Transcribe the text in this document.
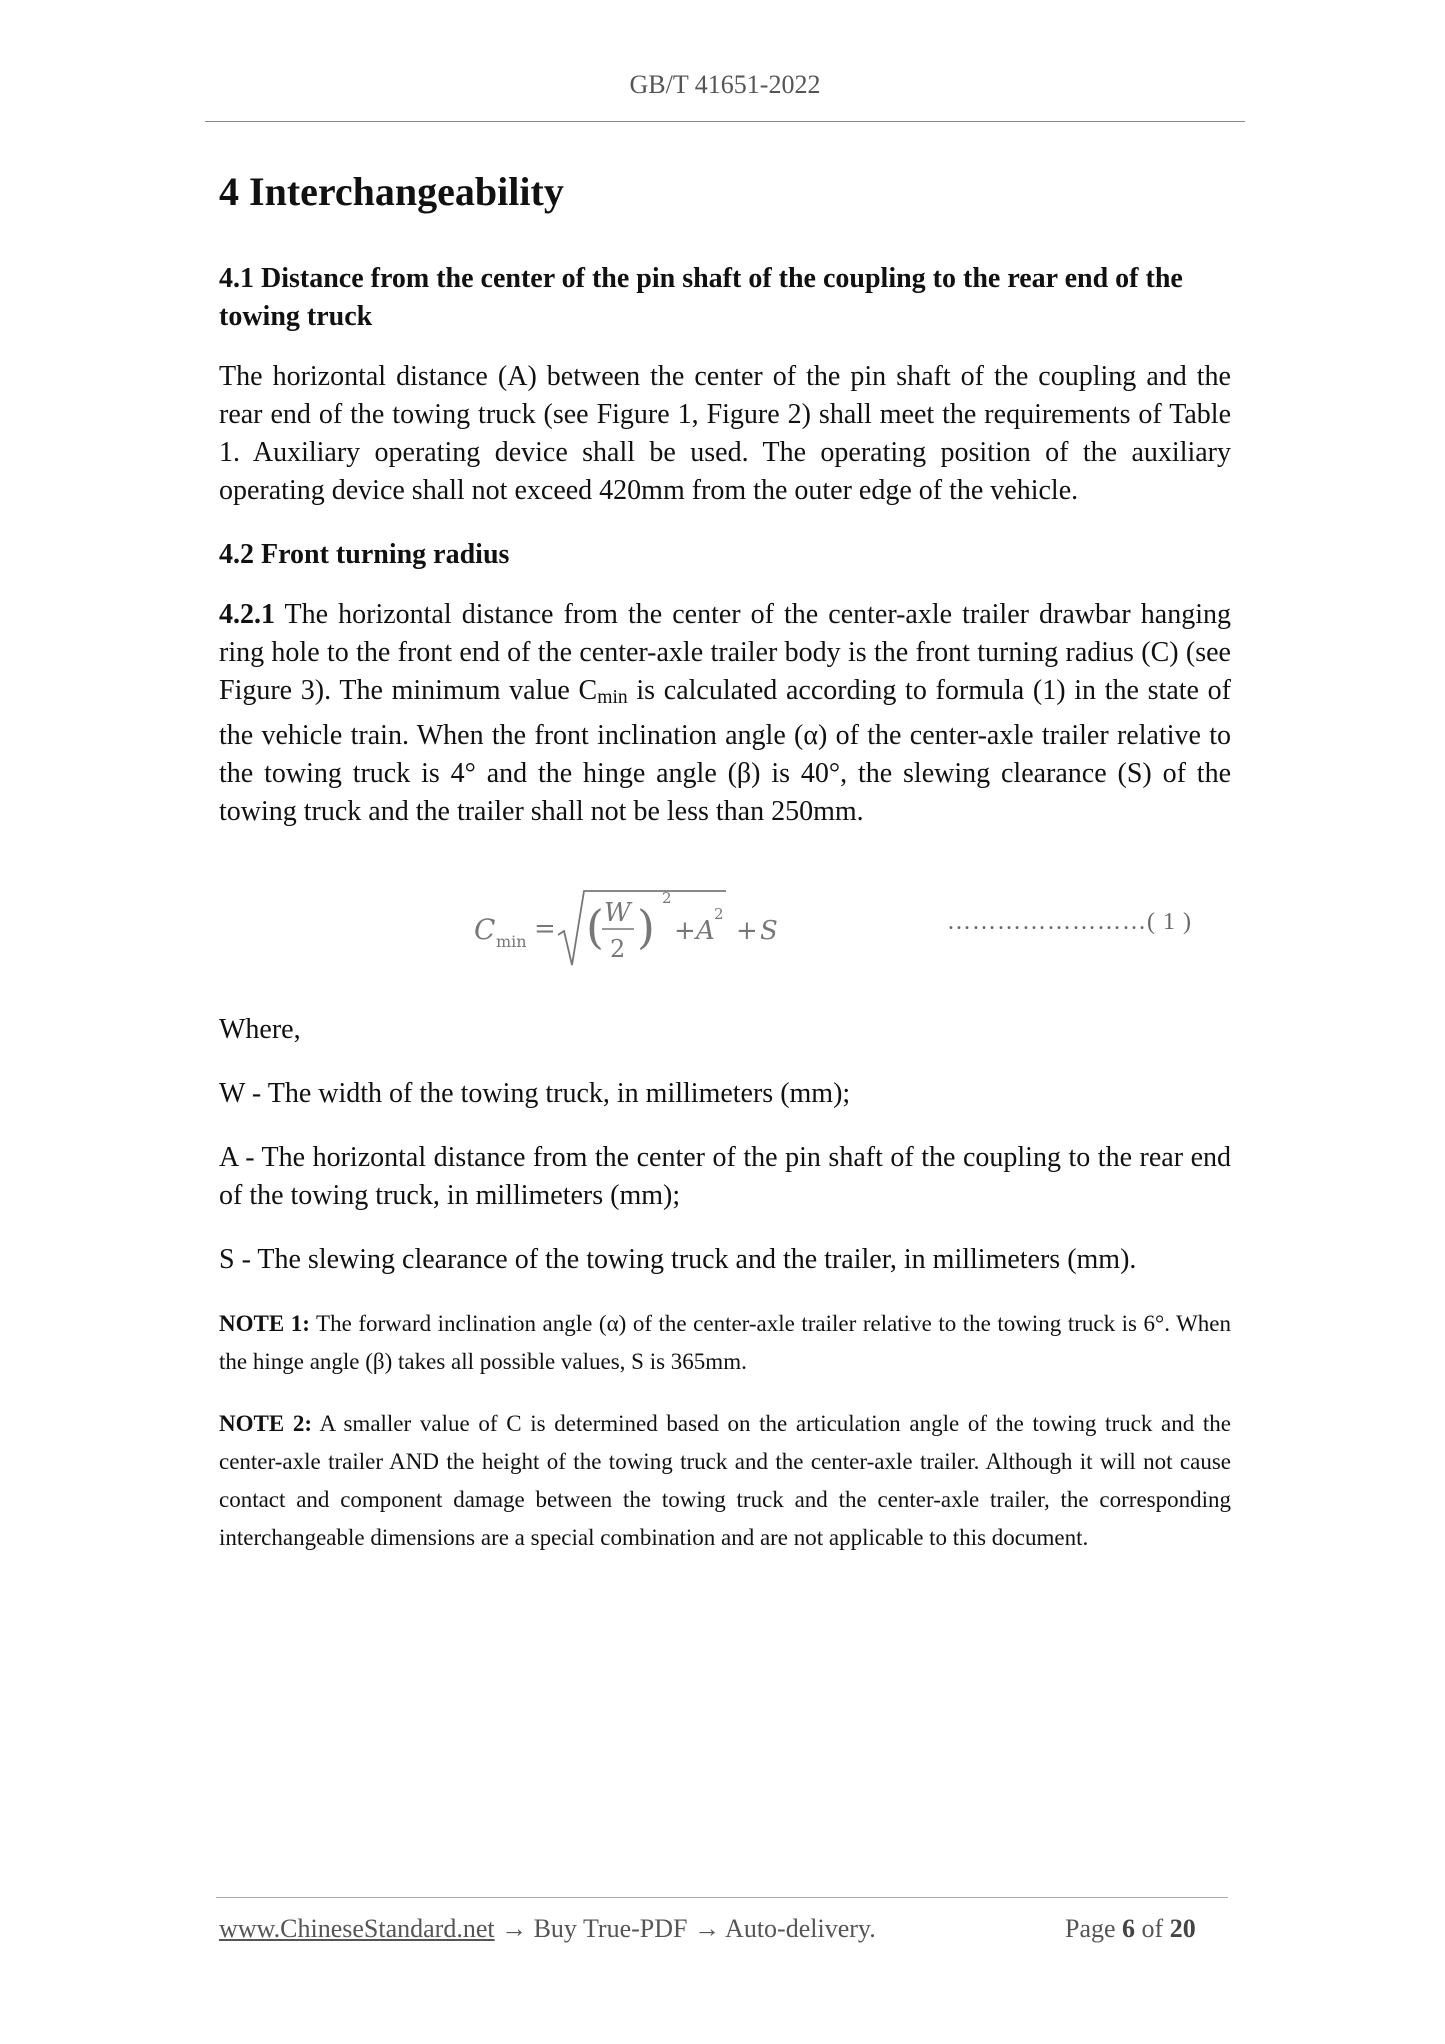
GB/T 41651-2022
4 Interchangeability
4.1 Distance from the center of the pin shaft of the coupling to the rear end of the towing truck

The horizontal distance (A) between the center of the pin shaft of the coupling and the rear end of the towing truck (see Figure 1, Figure 2) shall meet the requirements of Table 1. Auxiliary operating device shall be used. The operating position of the auxiliary operating device shall not exceed 420mm from the outer edge of the vehicle.

4.2 Front turning radius

4.2.1 The horizontal distance from the center of the center-axle trailer drawbar hanging ring hole to the front end of the center-axle trailer body is the front turning radius (C) (see Figure 3). The minimum value $C_{min}$ is calculated according to formula (1) in the state of the vehicle train. When the front inclination angle (α) of the center-axle trailer relative to the towing truck is 4° and the hinge angle (β) is 40°, the slewing clearance (S) of the towing truck and the trailer shall not be less than 250mm.

C min = ( W
2 )
2
+ A
2
+ S	……………………( 1 )

Where,

W - The width of the towing truck, in millimeters (mm);

A - The horizontal distance from the center of the pin shaft of the coupling to the rear end of the towing truck, in millimeters (mm);

S - The slewing clearance of the towing truck and the trailer, in millimeters (mm).

NOTE 1: The forward inclination angle (α) of the center-axle trailer relative to the towing truck is 6°. When the hinge angle (β) takes all possible values, S is 365mm.

NOTE 2: A smaller value of C is determined based on the articulation angle of the towing truck and the center-axle trailer AND the height of the towing truck and the center-axle trailer. Although it will not cause contact and component damage between the towing truck and the center-axle trailer, the corresponding interchangeable dimensions are a special combination and are not applicable to this document.

www.ChineseStandard.net → Buy True-PDF → Auto-delivery.	Page 6 of 20
